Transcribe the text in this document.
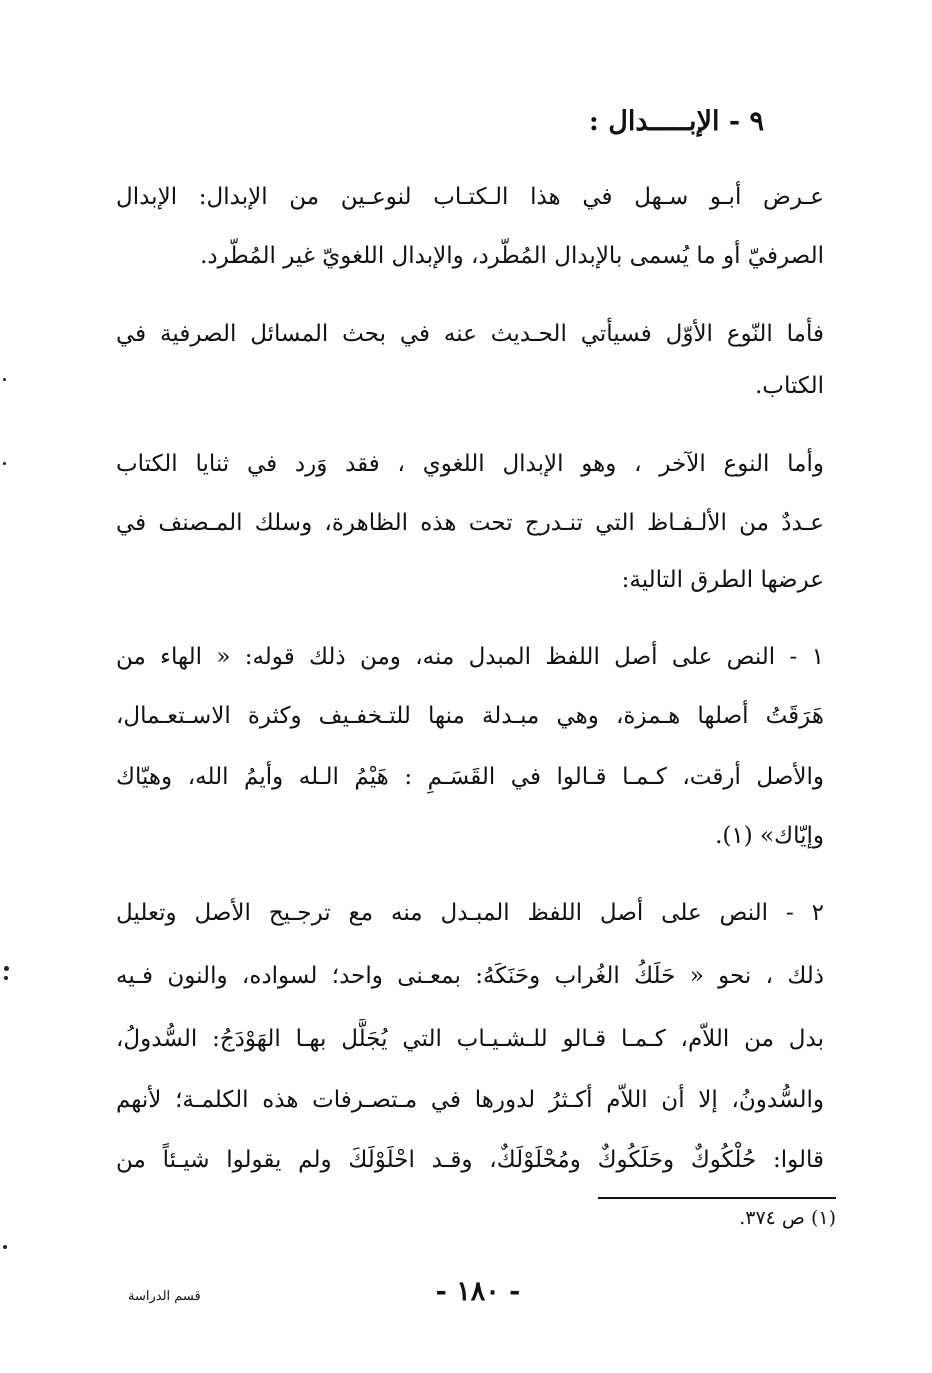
٩ - الإبـــــدال :
عـرض أبـو سـهل في هذا الـكتـاب لنوعـين من الإبدال: الإبدال
الصرفيّ أو ما يُسمى بالإبدال المُطّرد، والإبدال اللغويّ غير المُطّرد.
فأما النّوع الأوّل فسيأتي الحـديث عنه في بحث المسائل الصرفية في
الكتاب.
وأما النوع الآخر ، وهو الإبدال اللغوي ، فقد وَرد في ثنايا الكتاب
عـددٌ من الألـفـاظ التي تنـدرج تحت هذه الظاهرة، وسلك المـصنف في
عرضها الطرق التالية:
١ - النص على أصل اللفظ المبدل منه، ومن ذلك قوله: « الهاء من
هَرَقَتُ أصلها هـمزة، وهي مبـدلة منها للتـخفـيف وكثرة الاسـتعـمال،
والأصل أرقت، كـمـا قـالوا في القَسَـمِ : هَيْمُ الـله وأيمُ الله، وهيّاك
وإيّاك» (١).
٢ - النص على أصل اللفظ المبـدل منه مع ترجـيح الأصل وتعليل
ذلك ، نحو « حَلَكُ الغُراب وحَنَكَهُ: بمعـنى واحد؛ لسواده، والنون فـيه
بدل من اللاّم، كـمـا قـالو للـشـيـاب التي يُجَلَّل بهـا الهَوْدَجُ: السُّدولُ،
والسُّدونُ، إلا أن اللاّم أكـثرُ لدورها في مـتصـرفات هذه الكلمـة؛ لأنهم
قالوا: حُلْكُوكٌ وحَلَكُوكٌ ومُحْلَوْلَكٌ، وقـد احْلَوْلَكَ ولم يقولوا شيـئاً من
(١) ص ٣٧٤.
- ١٨٠ -
قسم الدراسة
